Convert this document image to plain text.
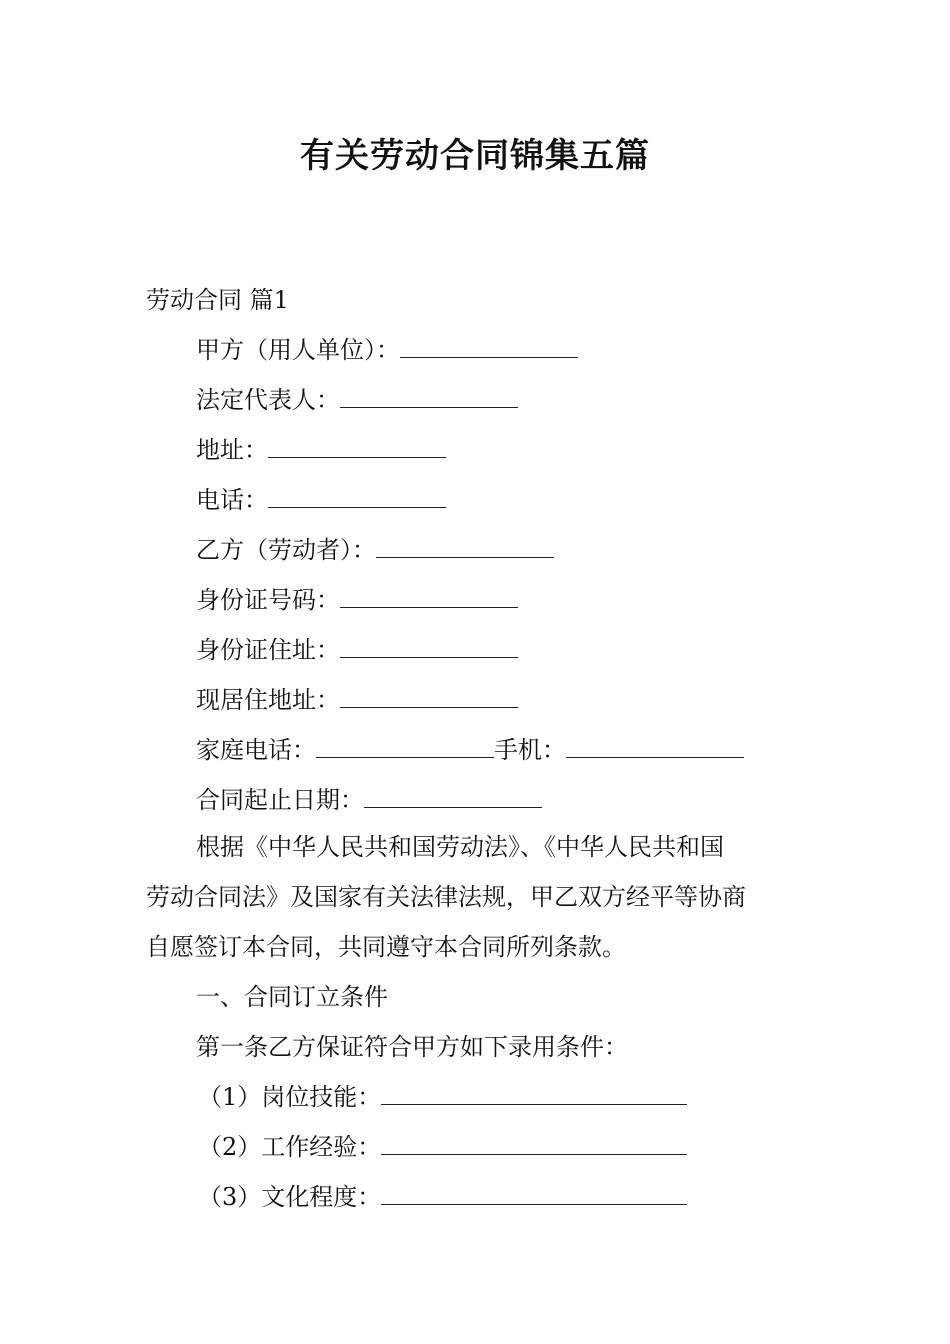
有关劳动合同锦集五篇
劳动合同 篇1
甲方（用人单位）：
法定代表人：
地址：
电话：
乙方（劳动者）：
身份证号码：
身份证住址：
现居住地址：
家庭电话：	手机：
合同起止日期：
根据《中华人民共和国劳动法》、《中华人民共和国
劳动合同法》及国家有关法律法规，甲乙双方经平等协商
自愿签订本合同，共同遵守本合同所列条款。
一、合同订立条件
第一条乙方保证符合甲方如下录用条件：
（1）岗位技能：
（2）工作经验：
（3）文化程度：
